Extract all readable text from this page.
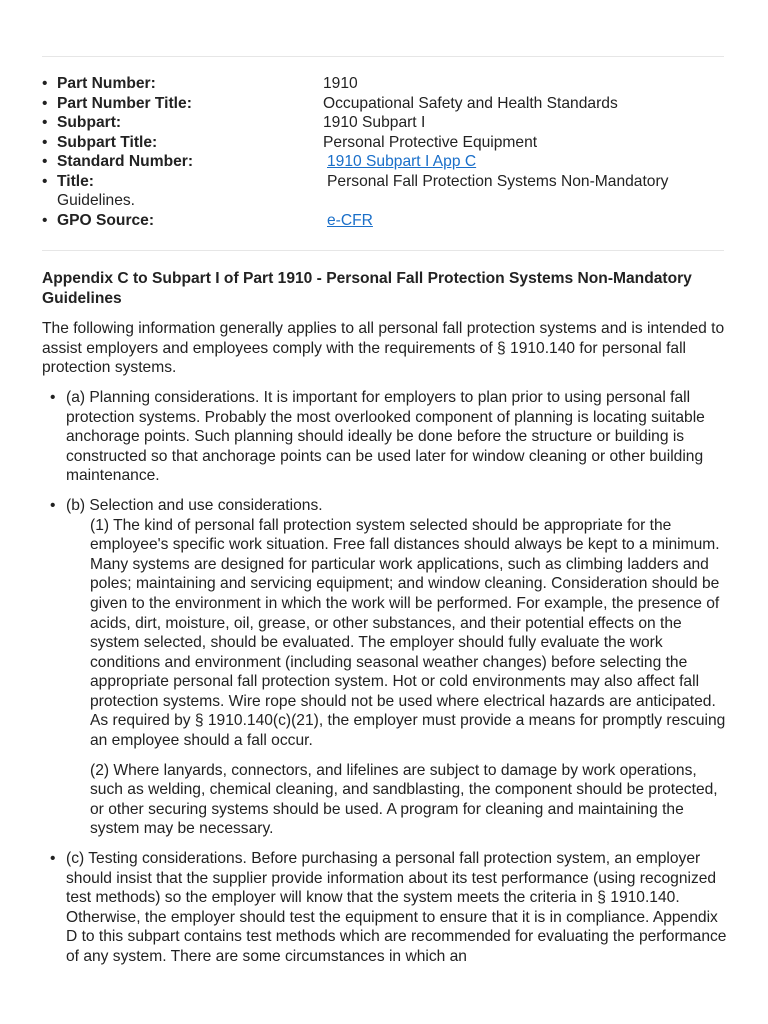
• Part Number:	1910
• Part Number Title:	Occupational Safety and Health Standards
• Subpart:	1910 Subpart I
• Subpart Title:	Personal Protective Equipment
• Standard Number:	1910 Subpart I App C
• Title:	Personal Fall Protection Systems Non-Mandatory
Guidelines.
• GPO Source:	e-CFR

Appendix C to Subpart I of Part 1910 - Personal Fall Protection Systems Non-Mandatory Guidelines

The following information generally applies to all personal fall protection systems and is intended to assist employers and employees comply with the requirements of § 1910.140 for personal fall protection systems.

• (a) Planning considerations. It is important for employers to plan prior to using personal fall protection systems. Probably the most overlooked component of planning is locating suitable anchorage points. Such planning should ideally be done before the structure or building is constructed so that anchorage points can be used later for window cleaning or other building maintenance.
• (b) Selection and use considerations.

(1) The kind of personal fall protection system selected should be appropriate for the employee's specific work situation. Free fall distances should always be kept to a minimum. Many systems are designed for particular work applications, such as climbing ladders and poles; maintaining and servicing equipment; and window cleaning. Consideration should be given to the environment in which the work will be performed. For example, the presence of acids, dirt, moisture, oil, grease, or other substances, and their potential effects on the system selected, should be evaluated. The employer should fully evaluate the work conditions and environment (including seasonal weather changes) before selecting the appropriate personal fall protection system. Hot or cold environments may also affect fall protection systems. Wire rope should not be used where electrical hazards are anticipated. As required by § 1910.140(c)(21), the employer must provide a means for promptly rescuing an employee should a fall occur.

(2) Where lanyards, connectors, and lifelines are subject to damage by work operations, such as welding, chemical cleaning, and sandblasting, the component should be protected, or other securing systems should be used. A program for cleaning and maintaining the system may be necessary.

• (c) Testing considerations. Before purchasing a personal fall protection system, an employer should insist that the supplier provide information about its test performance (using recognized test methods) so the employer will know that the system meets the criteria in § 1910.140. Otherwise, the employer should test the equipment to ensure that it is in compliance. Appendix D to this subpart contains test methods which are recommended for evaluating the performance of any system. There are some circumstances in which an
